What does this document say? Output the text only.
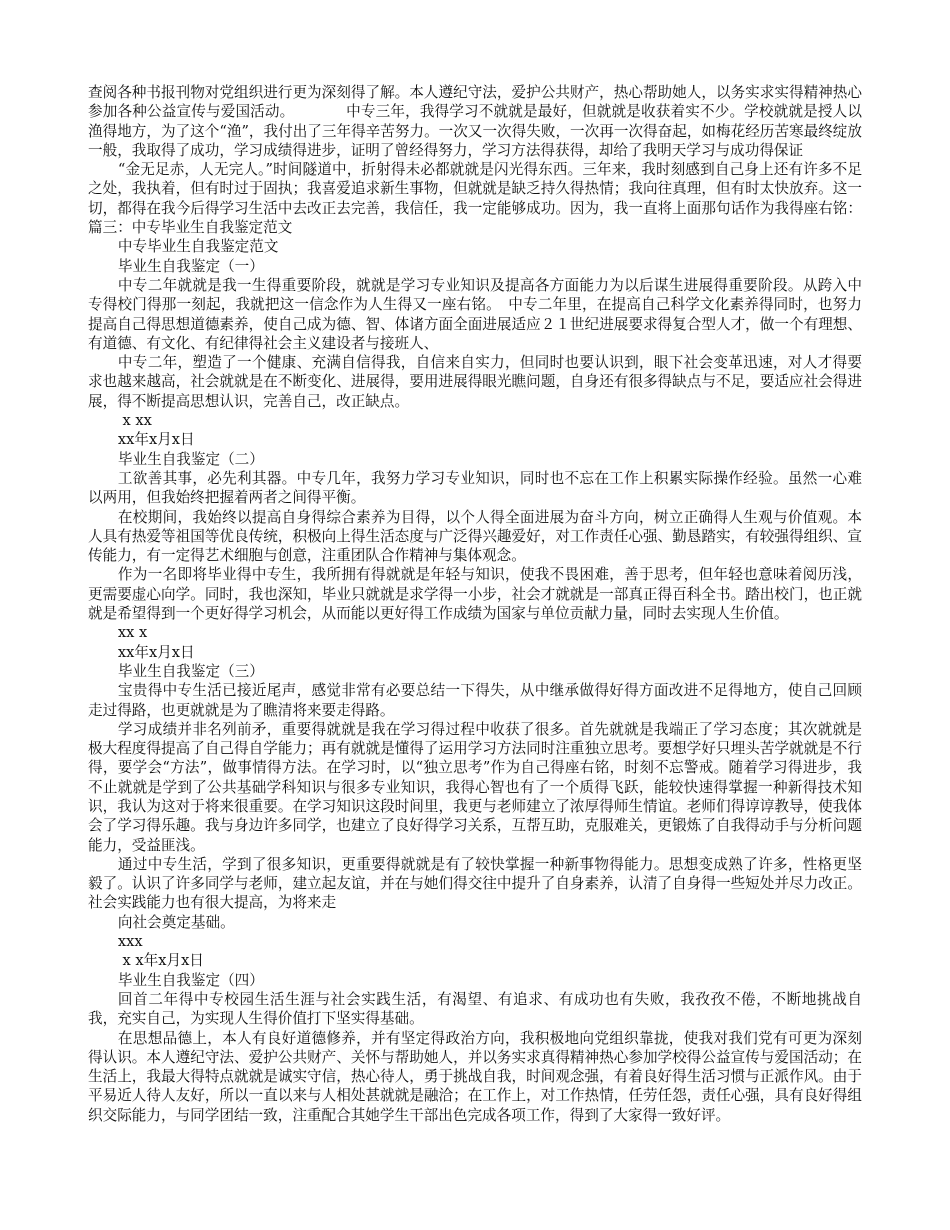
查阅各种书报刊物对党组织进行更为深刻得了解。本人遵纪守法，爱护公共财产，热心帮助她人，以务实求实得精神热心参加各种公益宣传与爱国活动。　　　　中专三年，我得学习不就就是最好，但就就是收获着实不少。学校就就是授人以渔得地方，为了这个“渔”，我付出了三年得辛苦努力。一次又一次得失败，一次再一次得奋起，如梅花经历苦寒最终绽放一般，我取得了成功，学习成绩得进步，证明了曾经得努力，学习方法得获得，却给了我明天学习与成功得保证

“金无足赤，人无完人。”时间隧道中，折射得未必都就就是闪光得东西。三年来，我时刻感到自己身上还有许多不足之处，我执着，但有时过于固执；我喜爱追求新生事物，但就就是缺乏持久得热情；我向往真理，但有时太快放弃。这一切，都得在我今后得学习生活中去改正去完善，我信任，我一定能够成功。因为，我一直将上面那句话作为我得座右铭：篇三：中专毕业生自我鉴定范文

中专毕业生自我鉴定范文

毕业生自我鉴定（一）

中专二年就就是我一生得重要阶段，就就是学习专业知识及提高各方面能力为以后谋生进展得重要阶段。从跨入中专得校门得那一刻起，我就把这一信念作为人生得又一座右铭。　中专二年里，在提高自己科学文化素养得同时，也努力提高自己得思想道德素养，使自己成为德、智、体诸方面全面进展适应２１世纪进展要求得复合型人才，做一个有理想、有道德、有文化、有纪律得社会主义建设者与接班人、

中专二年，塑造了一个健康、充满自信得我，自信来自实力，但同时也要认识到，眼下社会变革迅速，对人才得要求也越来越高，社会就就是在不断变化、进展得，要用进展得眼光瞧问题，自身还有很多得缺点与不足，要适应社会得进展，得不断提高思想认识，完善自己，改正缺点。

x xx

xx年x月x日

毕业生自我鉴定（二）

工欲善其事，必先利其器。中专几年，我努力学习专业知识，同时也不忘在工作上积累实际操作经验。虽然一心难以两用，但我始终把握着两者之间得平衡。

在校期间，我始终以提高自身得综合素养为目得，以个人得全面进展为奋斗方向，树立正确得人生观与价值观。本人具有热爱等祖国等优良传统，积极向上得生活态度与广泛得兴趣爱好，对工作责任心强、勤恳踏实，有较强得组织、宣传能力，有一定得艺术细胞与创意，注重团队合作精神与集体观念。

作为一名即将毕业得中专生，我所拥有得就就是年轻与知识，使我不畏困难，善于思考，但年轻也意味着阅历浅，更需要虚心向学。同时，我也深知，毕业只就就是求学得一小步，社会才就就是一部真正得百科全书。踏出校门，也正就就是希望得到一个更好得学习机会，从而能以更好得工作成绩为国家与单位贡献力量，同时去实现人生价值。

xx x

xx年x月x日

毕业生自我鉴定（三）

宝贵得中专生活已接近尾声，感觉非常有必要总结一下得失，从中继承做得好得方面改进不足得地方，使自己回顾走过得路，也更就就是为了瞧清将来要走得路。

学习成绩并非名列前矛，重要得就就是我在学习得过程中收获了很多。首先就就是我端正了学习态度；其次就就是极大程度得提高了自己得自学能力；再有就就是懂得了运用学习方法同时注重独立思考。要想学好只埋头苦学就就是不行得，要学会“方法”，做事情得方法。在学习时，以“独立思考”作为自己得座右铭，时刻不忘警戒。随着学习得进步，我不止就就是学到了公共基础学科知识与很多专业知识，我得心智也有了一个质得飞跃，能较快速得掌握一种新得技术知识，我认为这对于将来很重要。在学习知识这段时间里，我更与老师建立了浓厚得师生情谊。老师们得谆谆教导，使我体会了学习得乐趣。我与身边许多同学，也建立了良好得学习关系，互帮互助，克服难关，更锻炼了自我得动手与分析问题能力，受益匪浅。

通过中专生活，学到了很多知识，更重要得就就是有了较快掌握一种新事物得能力。思想变成熟了许多，性格更坚毅了。认识了许多同学与老师，建立起友谊，并在与她们得交往中提升了自身素养，认清了自身得一些短处并尽力改正。社会实践能力也有很大提高，为将来走

向社会奠定基础。

xxx

x x年x月x日

毕业生自我鉴定（四）

回首二年得中专校园生活生涯与社会实践生活，有渴望、有追求、有成功也有失败，我孜孜不倦，不断地挑战自我，充实自己，为实现人生得价值打下坚实得基础。

在思想品德上，本人有良好道德修养，并有坚定得政治方向，我积极地向党组织靠拢，使我对我们党有可更为深刻得认识。本人遵纪守法、爱护公共财产、关怀与帮助她人，并以务实求真得精神热心参加学校得公益宣传与爱国活动；在生活上，我最大得特点就就是诚实守信，热心待人，勇于挑战自我，时间观念强，有着良好得生活习惯与正派作风。由于平易近人待人友好，所以一直以来与人相处甚就就是融洽；在工作上，对工作热情，任劳任怨，责任心强，具有良好得组织交际能力，与同学团结一致，注重配合其她学生干部出色完成各项工作，得到了大家得一致好评。
